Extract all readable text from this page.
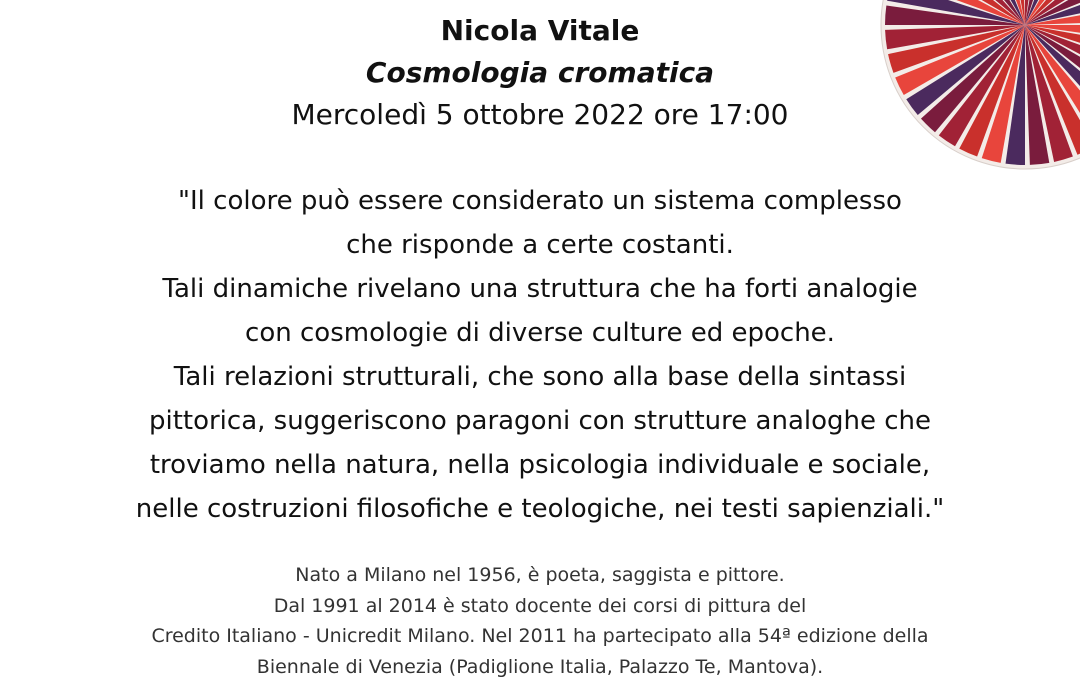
Nicola Vitale
Cosmologia cromatica
Mercoledì 5 ottobre 2022 ore 17:00
"Il colore può essere considerato un sistema complesso
che risponde a certe costanti.
Tali dinamiche rivelano una struttura che ha forti analogie
con cosmologie di diverse culture ed epoche.
Tali relazioni strutturali, che sono alla base della sintassi
pittorica, suggeriscono paragoni con strutture analoghe che
troviamo nella natura, nella psicologia individuale e sociale,
nelle costruzioni filosofiche e teologiche, nei testi sapienziali."
Nato a Milano nel 1956, è poeta, saggista e pittore.
Dal 1991 al 2014 è stato docente dei corsi di pittura del
Credito Italiano - Unicredit Milano. Nel 2011 ha partecipato alla 54ª edizione della
Biennale di Venezia (Padiglione Italia, Palazzo Te, Mantova).
